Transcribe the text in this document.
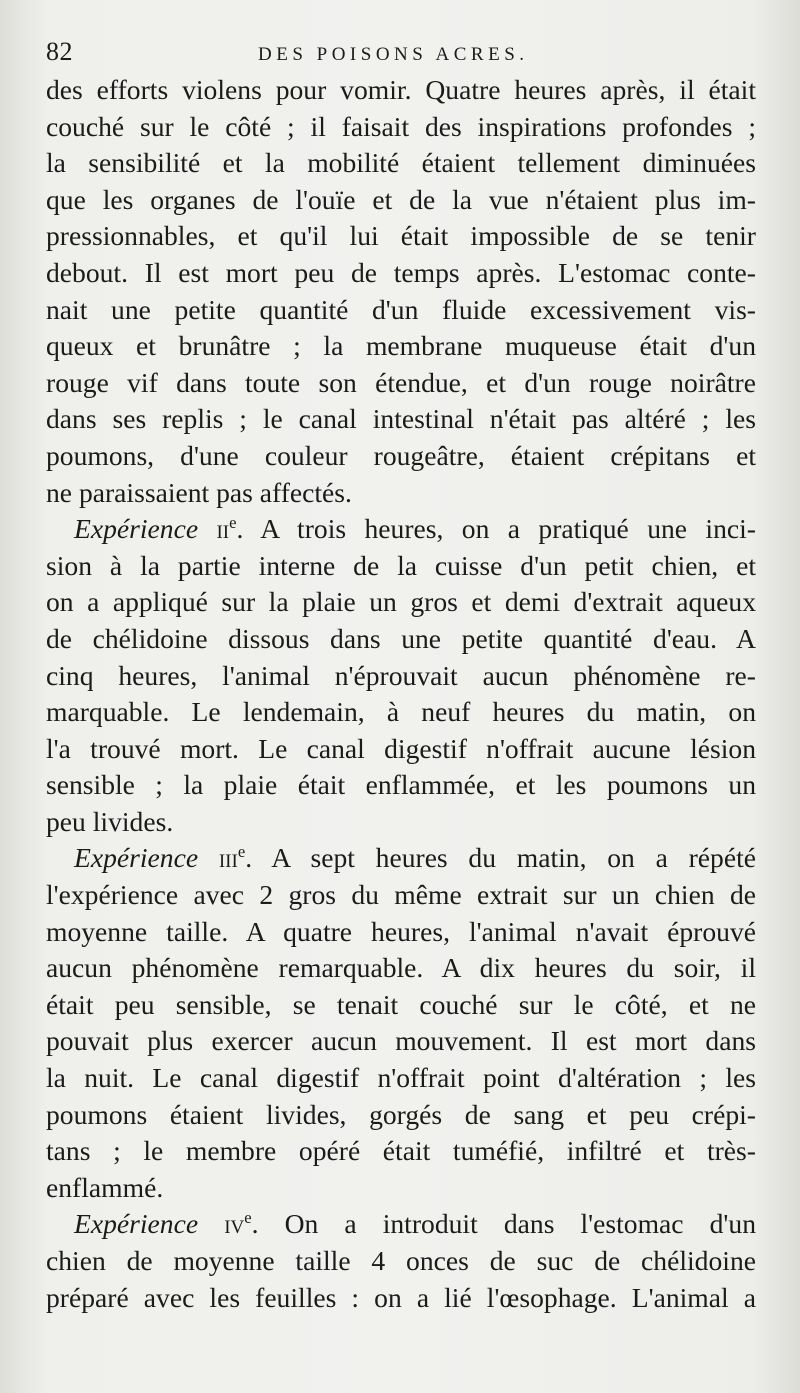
82	DES POISONS ACRES.
des efforts violens pour vomir. Quatre heures après, il était
couché sur le côté ; il faisait des inspirations profondes ;
la sensibilité et la mobilité étaient tellement diminuées
que les organes de l'ouïe et de la vue n'étaient plus im-
pressionnables, et qu'il lui était impossible de se tenir
debout. Il est mort peu de temps après. L'estomac conte-
nait une petite quantité d'un fluide excessivement vis-
queux et brunâtre ; la membrane muqueuse était d'un
rouge vif dans toute son étendue, et d'un rouge noirâtre
dans ses replis ; le canal intestinal n'était pas altéré ; les
poumons, d'une couleur rougeâtre, étaient crépitans et
ne paraissaient pas affectés.
Expérience $ii^e$. A trois heures, on a pratiqué une inci-
sion à la partie interne de la cuisse d'un petit chien, et
on a appliqué sur la plaie un gros et demi d'extrait aqueux
de chélidoine dissous dans une petite quantité d'eau. A
cinq heures, l'animal n'éprouvait aucun phénomène re-
marquable. Le lendemain, à neuf heures du matin, on
l'a trouvé mort. Le canal digestif n'offrait aucune lésion
sensible ; la plaie était enflammée, et les poumons un
peu livides.
Expérience iii$^e$. A sept heures du matin, on a répété
l'expérience avec 2 gros du même extrait sur un chien de
moyenne taille. A quatre heures, l'animal n'avait éprouvé
aucun phénomène remarquable. A dix heures du soir, il
était peu sensible, se tenait couché sur le côté, et ne
pouvait plus exercer aucun mouvement. Il est mort dans
la nuit. Le canal digestif n'offrait point d'altération ; les
poumons étaient livides, gorgés de sang et peu crépi-
tans ; le membre opéré était tuméfié, infiltré et très-
enflammé.
Expérience $iv^e$. On a introduit dans l'estomac d'un
chien de moyenne taille 4 onces de suc de chélidoine
préparé avec les feuilles : on a lié l'œsophage. L'animal a
